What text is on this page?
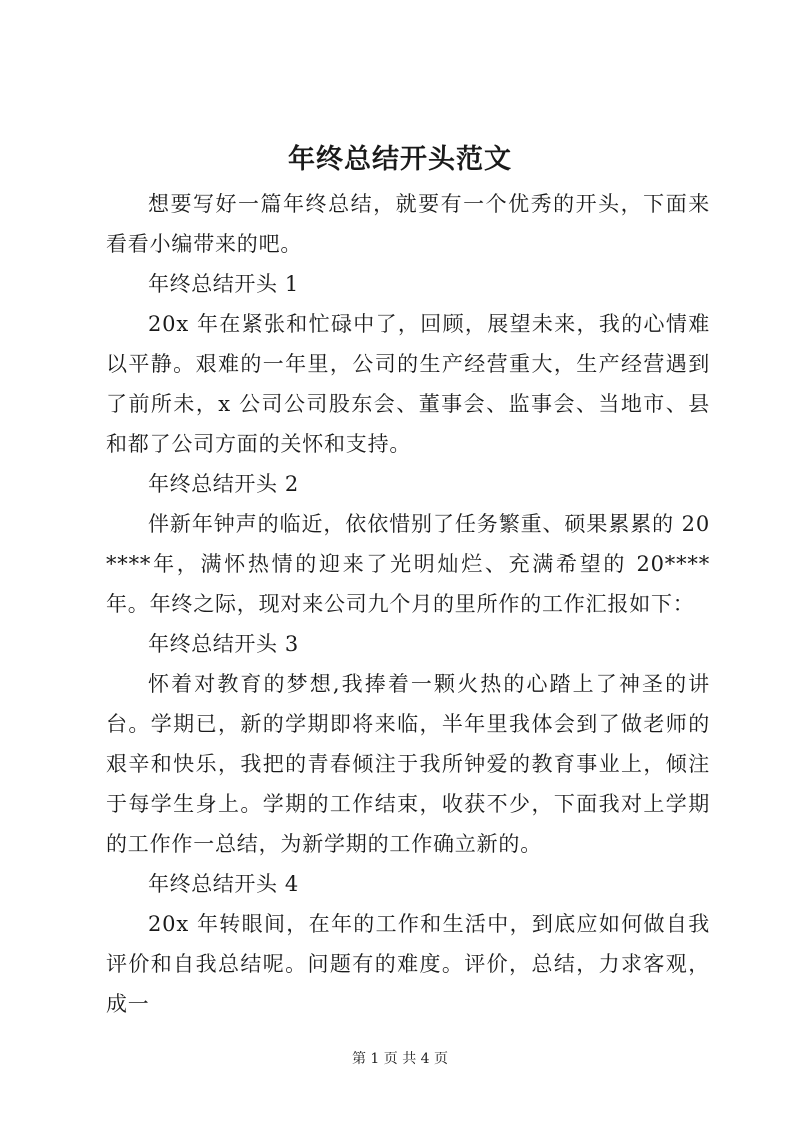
年终总结开头范文

想要写好一篇年终总结，就要有一个优秀的开头，下面来看看小编带来的吧。

年终总结开头 1

20x 年在紧张和忙碌中了，回顾，展望未来，我的心情难以平静。艰难的一年里，公司的生产经营重大，生产经营遇到了前所未，x 公司公司股东会、董事会、监事会、当地市、县和都了公司方面的关怀和支持。

年终总结开头 2

伴新年钟声的临近，依依惜别了任务繁重、硕果累累的 20****年，满怀热情的迎来了光明灿烂、充满希望的 20****年。年终之际，现对来公司九个月的里所作的工作汇报如下：

年终总结开头 3

怀着对教育的梦想,我捧着一颗火热的心踏上了神圣的讲台。学期已，新的学期即将来临，半年里我体会到了做老师的艰辛和快乐，我把的青春倾注于我所钟爱的教育事业上，倾注于每学生身上。学期的工作结束，收获不少，下面我对上学期的工作作一总结，为新学期的工作确立新的。

年终总结开头 4

20x 年转眼间，在年的工作和生活中，到底应如何做自我评价和自我总结呢。问题有的难度。评价，总结，力求客观，成一

第 1 页 共 4 页
